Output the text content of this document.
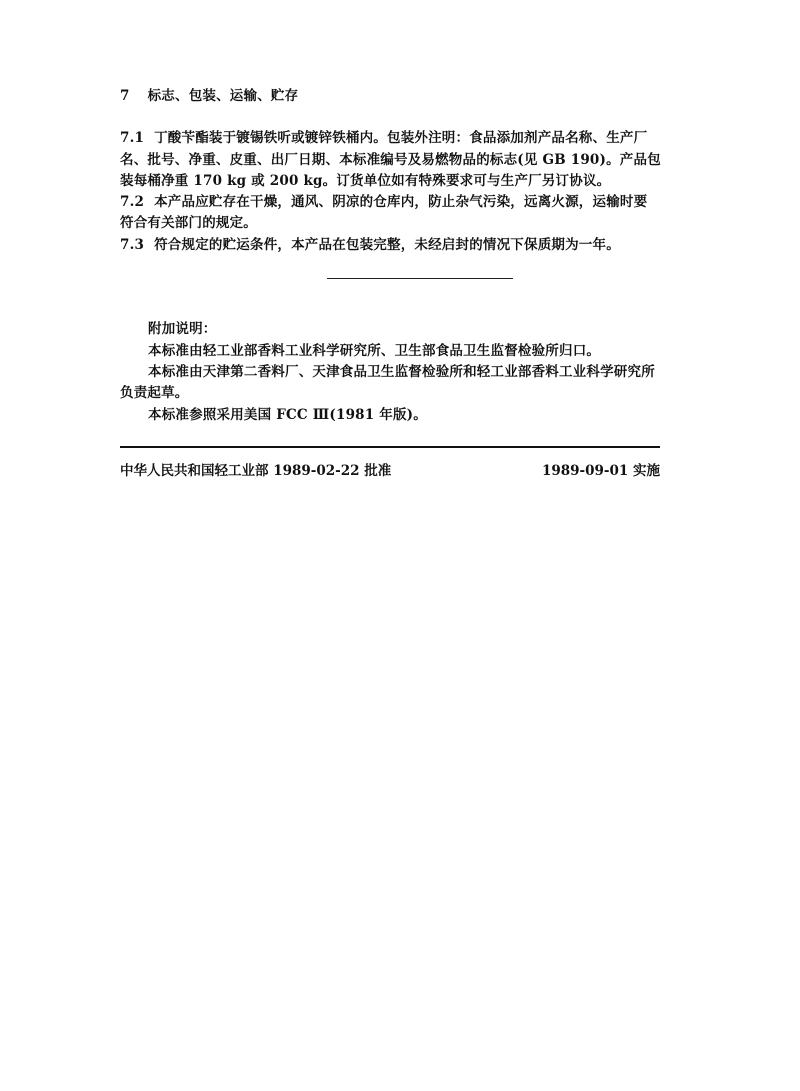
7 标志、包装、运输、贮存
7.1 丁酸苄酯装于镀锡铁听或镀锌铁桶内。包装外注明：食品添加剂产品名称、生产厂
名、批号、净重、皮重、出厂日期、本标准编号及易燃物品的标志(见 GB 190)。产品包
装每桶净重 170 kg 或 200 kg。订货单位如有特殊要求可与生产厂另订协议。
7.2 本产品应贮存在干燥，通风、阴凉的仓库内，防止杂气污染，远离火源，运输时要
符合有关部门的规定。
7.3 符合规定的贮运条件，本产品在包装完整，未经启封的情况下保质期为一年。
附加说明：
本标准由轻工业部香料工业科学研究所、卫生部食品卫生监督检验所归口。
本标准由天津第二香料厂、天津食品卫生监督检验所和轻工业部香料工业科学研究所
负责起草。
本标准参照采用美国 FCC Ⅲ(1981 年版)。
中华人民共和国轻工业部 1989-02-22 批准	1989-09-01 实施
